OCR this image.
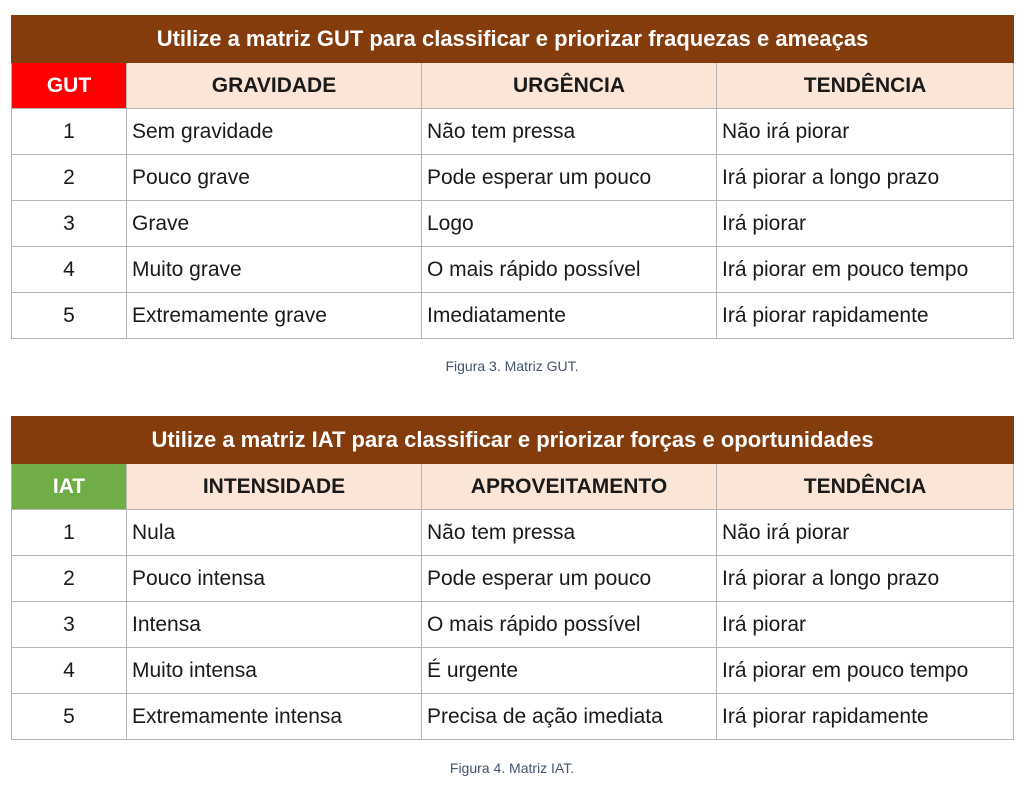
Utilize a matriz GUT para classificar e priorizar fraquezas e ameaças			
GUT	GRAVIDADE	URGÊNCIA	TENDÊNCIA
1	Sem gravidade	Não tem pressa	Não irá piorar
2	Pouco grave	Pode esperar um pouco	Irá piorar a longo prazo
3	Grave	Logo	Irá piorar
4	Muito grave	O mais rápido possível	Irá piorar em pouco tempo
5	Extremamente grave	Imediatamente	Irá piorar rapidamente
Figura 3. Matriz GUT.
Utilize a matriz IAT para classificar e priorizar forças e oportunidades			
IAT	INTENSIDADE	APROVEITAMENTO	TENDÊNCIA
1	Nula	Não tem pressa	Não irá piorar
2	Pouco intensa	Pode esperar um pouco	Irá piorar a longo prazo
3	Intensa	O mais rápido possível	Irá piorar
4	Muito intensa	É urgente	Irá piorar em pouco tempo
5	Extremamente intensa	Precisa de ação imediata	Irá piorar rapidamente
Figura 4. Matriz IAT.
